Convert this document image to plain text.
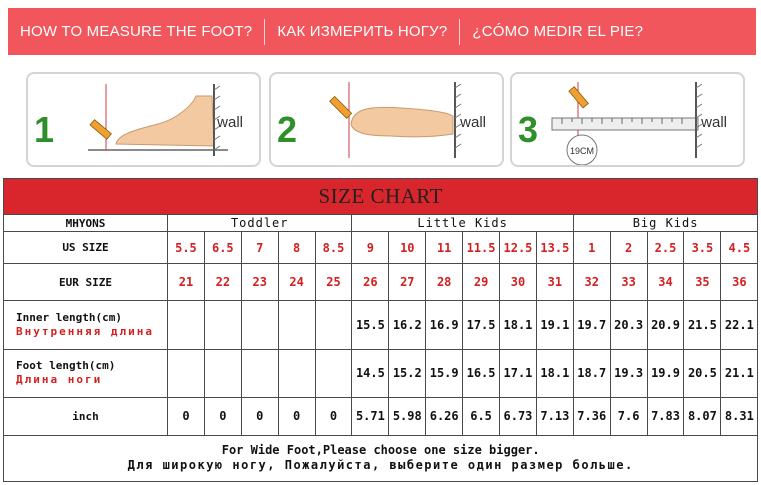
HOW TO MEASURE THE FOOT? КАК ИЗМЕРИТЬ НОГУ? ¿CÓMO MEDIR EL PIE?
1	wall 2	wall
19CM
3	wall
SIZE CHART																
MHYONS	Toddler					Little Kids						Big Kids				
US SIZE	5.5	6.5	7	8	8.5	9	10	11	11.5	12.5	13.5	1	2	2.5	3.5	4.5
EUR SIZE	21	22	23	24	25	26	27	28	29	30	31	32	33	34	35	36

Inner length(cm)
Внутренняя длина						15.5	16.2	16.9	17.5	18.1	19.1	19.7	20.3	20.9	21.5	22.1

Foot length(cm)
Длина ноги						14.5	15.2	15.9	16.5	17.1	18.1	18.7	19.3	19.9	20.5	21.1
inch	0	0	0	0	0	5.71	5.98	6.26	6.5	6.73	7.13	7.36	7.6	7.83	8.07	8.31

For Wide Foot,Please choose one size bigger.
Для широкую ногу, Пожалуйста, выберите один размер больше.																
